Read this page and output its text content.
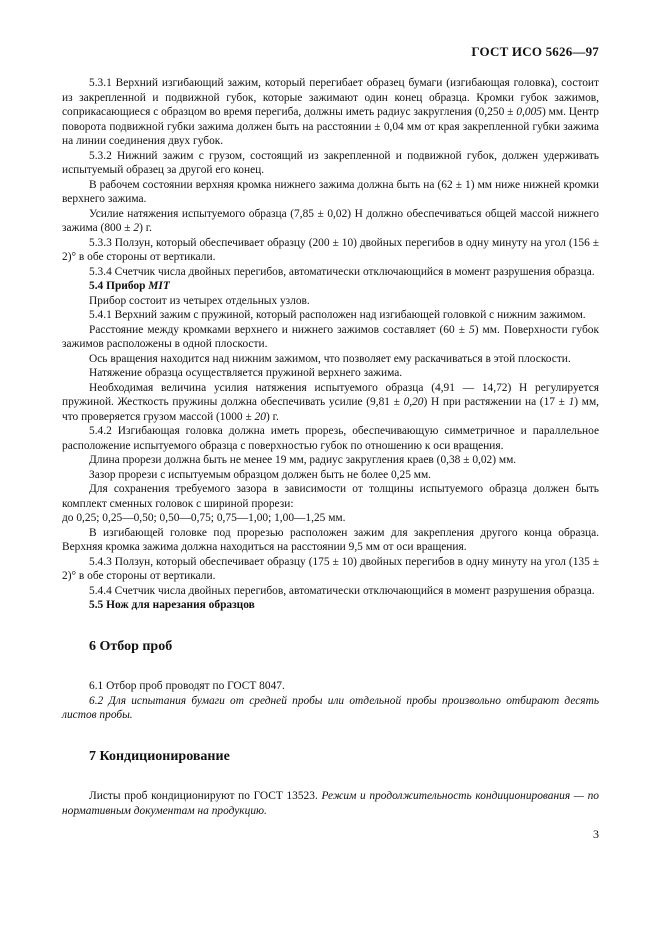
ГОСТ ИСО 5626—97

5.3.1 Верхний изгибающий зажим, который перегибает образец бумаги (изгибающая головка), состоит из закрепленной и подвижной губок, которые зажимают один конец образца. Кромки губок зажимов, соприкасающиеся с образцом во время перегиба, должны иметь радиус закругления (0,250 ± 0,005) мм. Центр поворота подвижной губки зажима должен быть на расстоянии ± 0,04 мм от края закрепленной губки зажима на линии соединения двух губок.

5.3.2 Нижний зажим с грузом, состоящий из закрепленной и подвижной губок, должен удерживать испытуемый образец за другой его конец.

В рабочем состоянии верхняя кромка нижнего зажима должна быть на (62 ± 1) мм ниже нижней кромки верхнего зажима.

Усилие натяжения испытуемого образца (7,85 ± 0,02) Н должно обеспечиваться общей массой нижнего зажима (800 ± 2) г.

5.3.3 Ползун, который обеспечивает образцу (200 ± 10) двойных перегибов в одну минуту на угол (156 ± 2)° в обе стороны от вертикали.

5.3.4 Счетчик числа двойных перегибов, автоматически отключающийся в момент разрушения образца.

5.4 Прибор MIT

Прибор состоит из четырех отдельных узлов.

5.4.1 Верхний зажим с пружиной, который расположен над изгибающей головкой с нижним зажимом.

Расстояние между кромками верхнего и нижнего зажимов составляет (60 ± 5) мм. Поверхности губок зажимов расположены в одной плоскости.

Ось вращения находится над нижним зажимом, что позволяет ему раскачиваться в этой плоскости.

Натяжение образца осуществляется пружиной верхнего зажима.

Необходимая величина усилия натяжения испытуемого образца (4,91 — 14,72) Н регулируется пружиной. Жесткость пружины должна обеспечивать усилие (9,81 ± 0,20) Н при растяжении на (17 ± 1) мм, что проверяется грузом массой (1000 ± 20) г.

5.4.2 Изгибающая головка должна иметь прорезь, обеспечивающую симметричное и параллельное расположение испытуемого образца с поверхностью губок по отношению к оси вращения.

Длина прорези должна быть не менее 19 мм, радиус закругления краев (0,38 ± 0,02) мм.

Зазор прорези с испытуемым образцом должен быть не более 0,25 мм.

Для сохранения требуемого зазора в зависимости от толщины испытуемого образца должен быть комплект сменных головок с шириной прорези:

до 0,25; 0,25—0,50; 0,50—0,75; 0,75—1,00; 1,00—1,25 мм.

В изгибающей головке под прорезью расположен зажим для закрепления другого конца образца. Верхняя кромка зажима должна находиться на расстоянии 9,5 мм от оси вращения.

5.4.3 Ползун, который обеспечивает образцу (175 ± 10) двойных перегибов в одну минуту на угол (135 ± 2)° в обе стороны от вертикали.

5.4.4 Счетчик числа двойных перегибов, автоматически отключающийся в момент разрушения образца.

5.5 Нож для нарезания образцов

6 Отбор проб

6.1 Отбор проб проводят по ГОСТ 8047.

6.2 Для испытания бумаги от средней пробы или отдельной пробы произвольно отбирают десять листов пробы.

7 Кондиционирование

Листы проб кондиционируют по ГОСТ 13523. Режим и продолжительность кондиционирования — по нормативным документам на продукцию.

3
